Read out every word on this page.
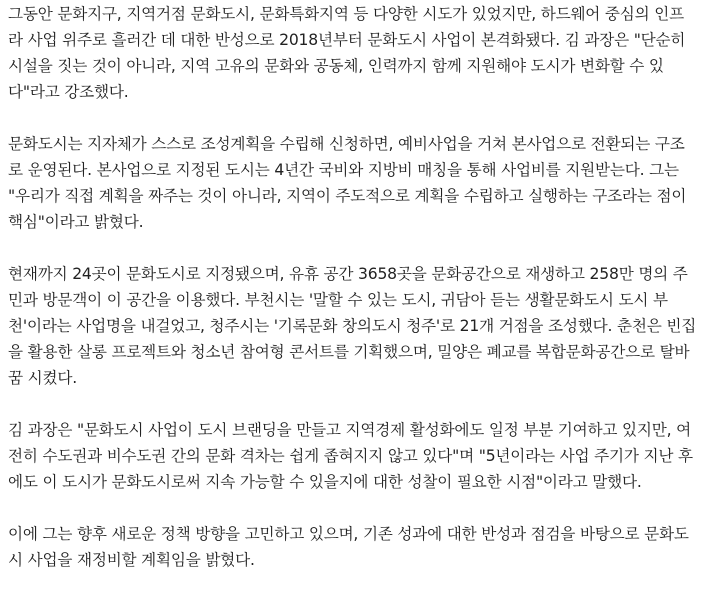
그동안 문화지구, 지역거점 문화도시, 문화특화지역 등 다양한 시도가 있었지만, 하드웨어 중심의 인프
라 사업 위주로 흘러간 데 대한 반성으로 2018년부터 문화도시 사업이 본격화됐다. 김 과장은 "단순히
시설을 짓는 것이 아니라, 지역 고유의 문화와 공동체, 인력까지 함께 지원해야 도시가 변화할 수 있
다"라고 강조했다.

문화도시는 지자체가 스스로 조성계획을 수립해 신청하면, 예비사업을 거쳐 본사업으로 전환되는 구조
로 운영된다. 본사업으로 지정된 도시는 4년간 국비와 지방비 매칭을 통해 사업비를 지원받는다. 그는
"우리가 직접 계획을 짜주는 것이 아니라, 지역이 주도적으로 계획을 수립하고 실행하는 구조라는 점이
핵심"이라고 밝혔다.

현재까지 24곳이 문화도시로 지정됐으며, 유휴 공간 3658곳을 문화공간으로 재생하고 258만 명의 주
민과 방문객이 이 공간을 이용했다. 부천시는 '말할 수 있는 도시, 귀담아 듣는 생활문화도시 도시 부
천'이라는 사업명을 내걸었고, 청주시는 '기록문화 창의도시 청주'로 21개 거점을 조성했다. 춘천은 빈집
을 활용한 살롱 프로젝트와 청소년 참여형 콘서트를 기획했으며, 밀양은 폐교를 복합문화공간으로 탈바
꿈 시켰다.

김 과장은 "문화도시 사업이 도시 브랜딩을 만들고 지역경제 활성화에도 일정 부분 기여하고 있지만, 여
전히 수도권과 비수도권 간의 문화 격차는 쉽게 좁혀지지 않고 있다"며 "5년이라는 사업 주기가 지난 후
에도 이 도시가 문화도시로써 지속 가능할 수 있을지에 대한 성찰이 필요한 시점"이라고 말했다.

이에 그는 향후 새로운 정책 방향을 고민하고 있으며, 기존 성과에 대한 반성과 점검을 바탕으로 문화도
시 사업을 재정비할 계획임을 밝혔다.
